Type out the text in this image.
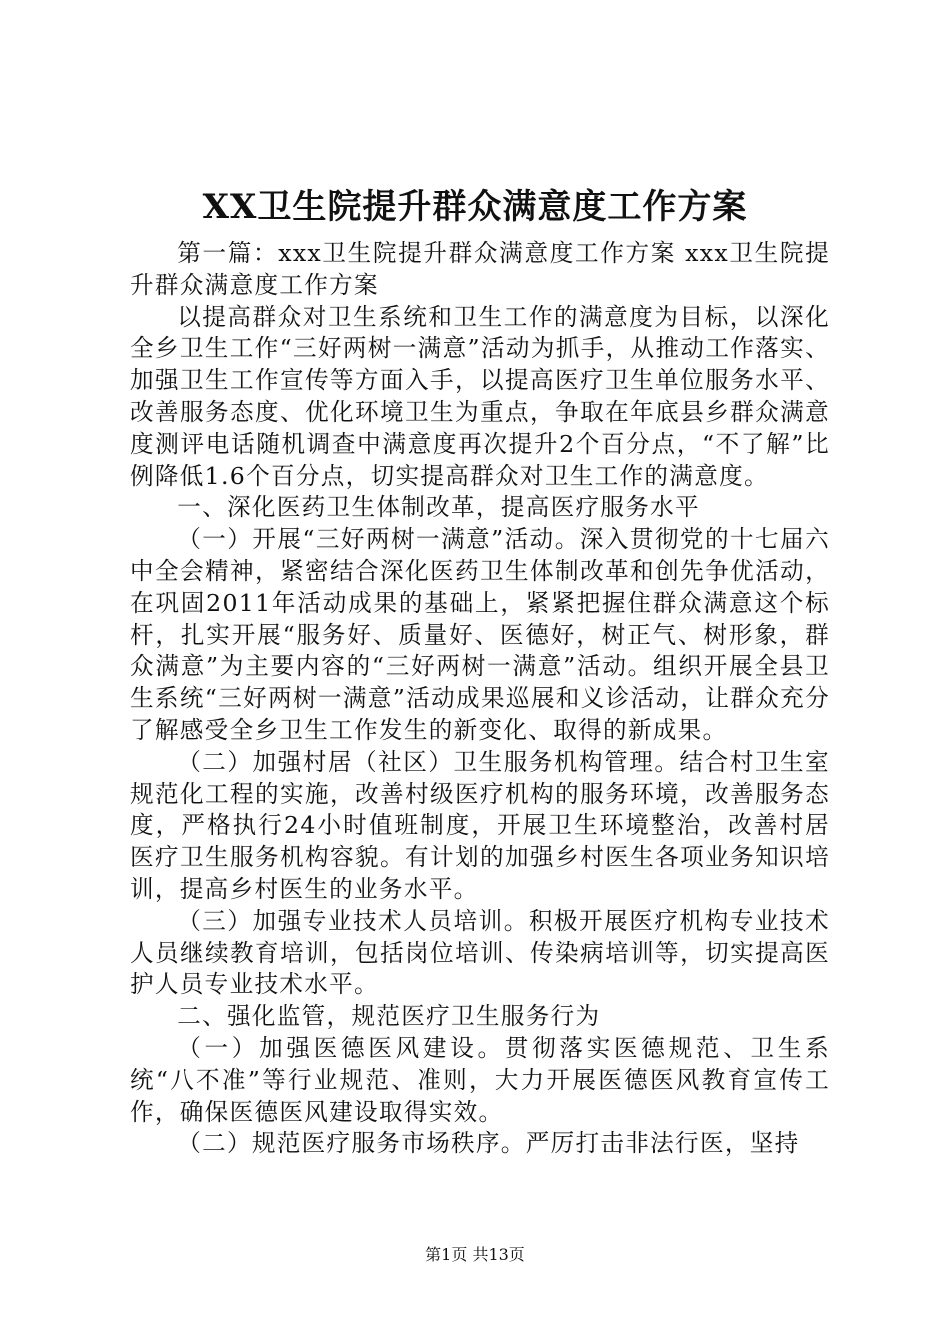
XX卫生院提升群众满意度工作方案

第一篇：xxx卫生院提升群众满意度工作方案 xxx卫生院提升群众满意度工作方案

以提高群众对卫生系统和卫生工作的满意度为目标，以深化全乡卫生工作“三好两树一满意”活动为抓手，从推动工作落实、加强卫生工作宣传等方面入手，以提高医疗卫生单位服务水平、改善服务态度、优化环境卫生为重点，争取在年底县乡群众满意度测评电话随机调查中满意度再次提升2个百分点，“不了解”比例降低1.6个百分点，切实提高群众对卫生工作的满意度。

一、深化医药卫生体制改革，提高医疗服务水平

（一）开展“三好两树一满意”活动。深入贯彻党的十七届六中全会精神，紧密结合深化医药卫生体制改革和创先争优活动，在巩固2011年活动成果的基础上，紧紧把握住群众满意这个标杆，扎实开展“服务好、质量好、医德好，树正气、树形象，群众满意”为主要内容的“三好两树一满意”活动。组织开展全县卫生系统“三好两树一满意”活动成果巡展和义诊活动，让群众充分了解感受全乡卫生工作发生的新变化、取得的新成果。

（二）加强村居（社区）卫生服务机构管理。结合村卫生室规范化工程的实施，改善村级医疗机构的服务环境，改善服务态度，严格执行24小时值班制度，开展卫生环境整治，改善村居医疗卫生服务机构容貌。有计划的加强乡村医生各项业务知识培训，提高乡村医生的业务水平。

（三）加强专业技术人员培训。积极开展医疗机构专业技术人员继续教育培训，包括岗位培训、传染病培训等，切实提高医护人员专业技术水平。

二、强化监管，规范医疗卫生服务行为

（一）加强医德医风建设。贯彻落实医德规范、卫生系统“八不准”等行业规范、准则，大力开展医德医风教育宣传工作，确保医德医风建设取得实效。

（二）规范医疗服务市场秩序。严厉打击非法行医，坚持

第1页 共13页
